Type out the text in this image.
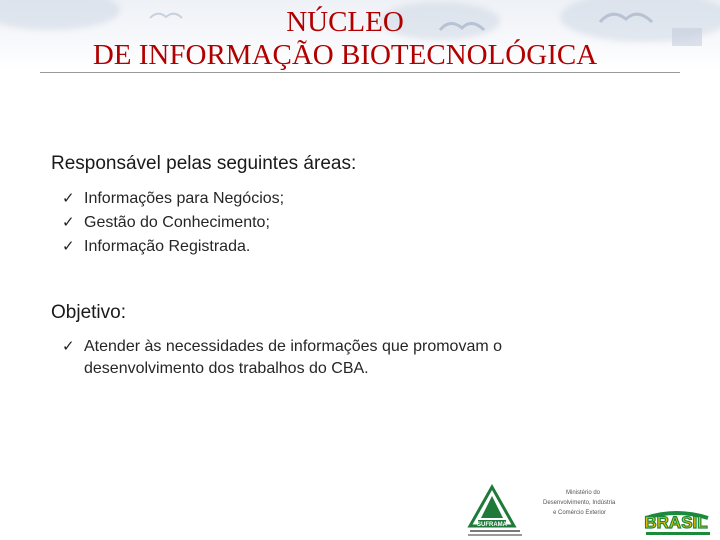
NÚCLEO
DE INFORMAÇÃO BIOTECNOLÓGICA
Responsável pelas seguintes áreas:
✓ Informações para Negócios;
✓ Gestão do Conhecimento;
✓ Informação Registrada.
Objetivo:
✓ Atender às necessidades de informações que promovam o desenvolvimento dos trabalhos do CBA.
SUFRAMA
Ministério do
Desenvolvimento, Indústria
e Comércio Exterior BRASIL
